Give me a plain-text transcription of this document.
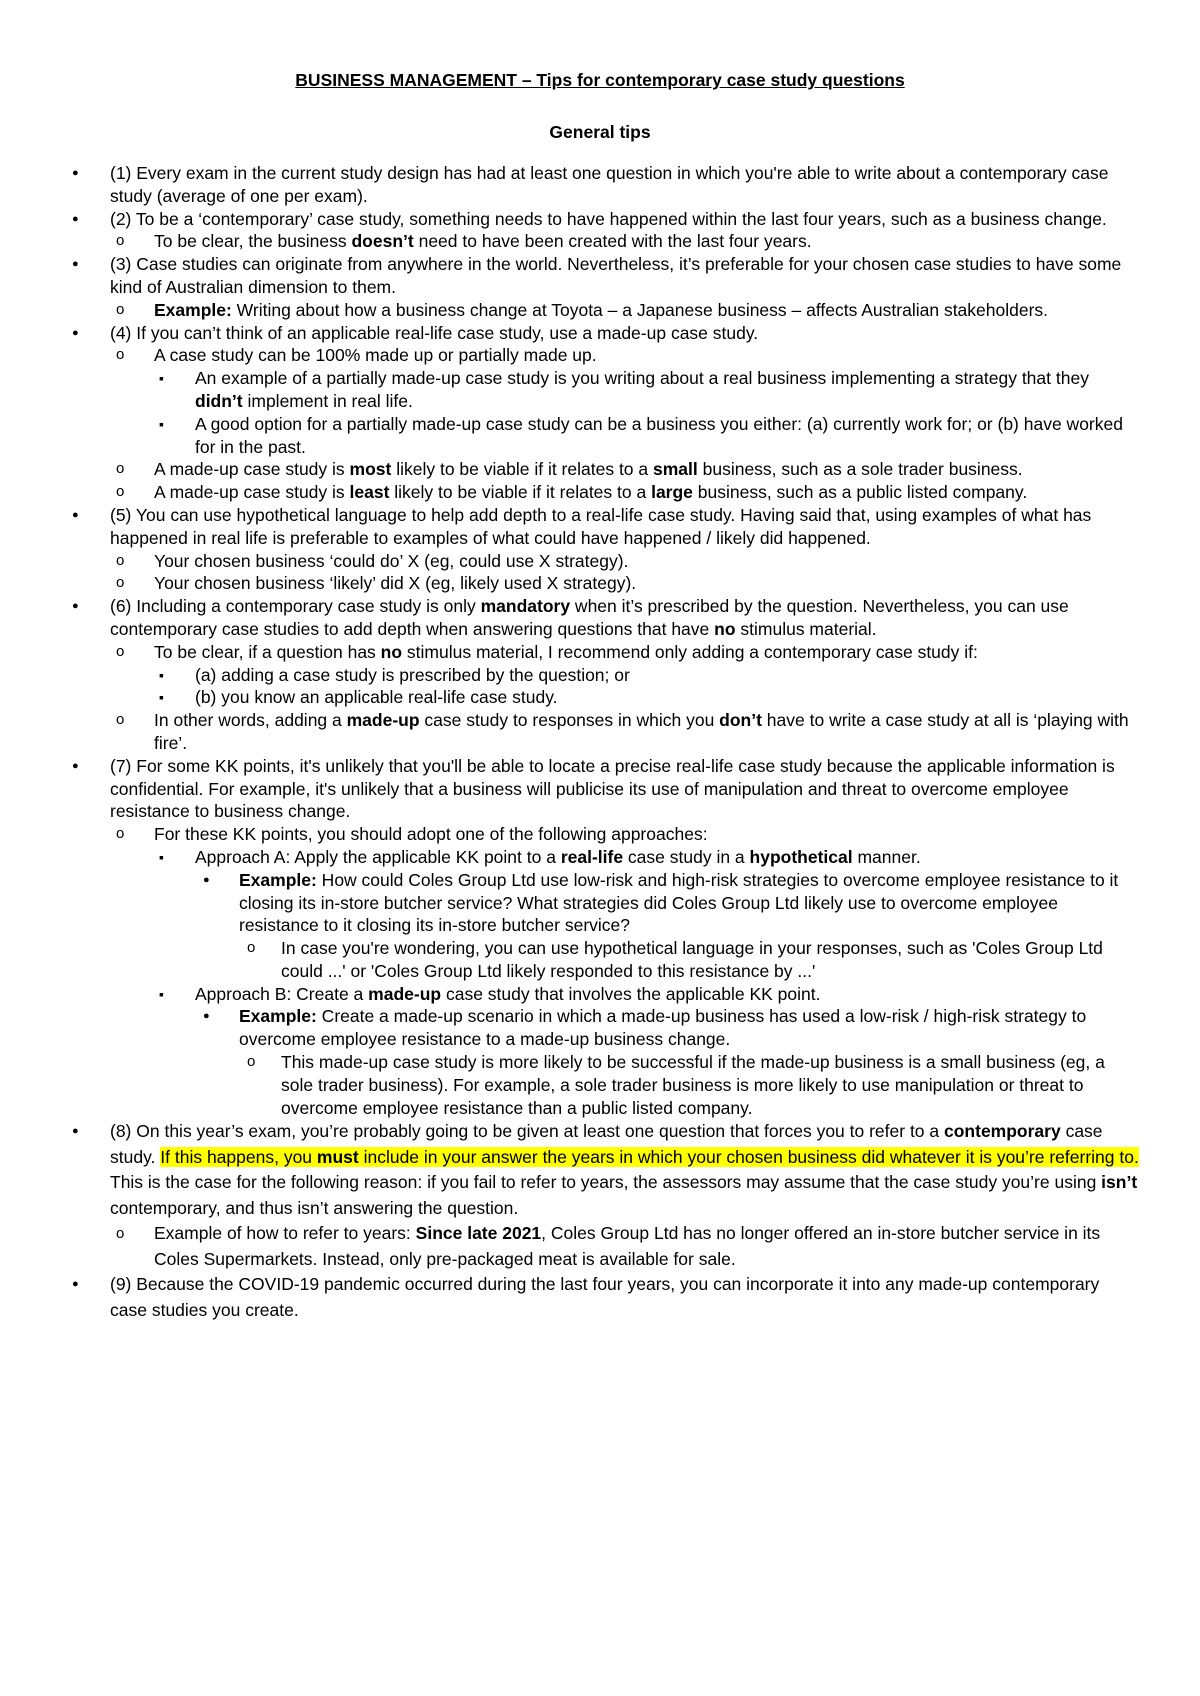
BUSINESS MANAGEMENT – Tips for contemporary case study questions
General tips
● (1) Every exam in the current study design has had at least one question in which you're able to write about a contemporary case study (average of one per exam).
● (2) To be a ‘contemporary’ case study, something needs to have happened within the last four years, such as a business change.
o To be clear, the business doesn’t need to have been created with the last four years.
● (3) Case studies can originate from anywhere in the world. Nevertheless, it’s preferable for your chosen case studies to have some kind of Australian dimension to them.
o Example: Writing about how a business change at Toyota – a Japanese business – affects Australian stakeholders.
● (4) If you can’t think of an applicable real-life case study, use a made-up case study.
o A case study can be 100% made up or partially made up.
▪ An example of a partially made-up case study is you writing about a real business implementing a strategy that they didn’t implement in real life.
▪ A good option for a partially made-up case study can be a business you either: (a) currently work for; or (b) have worked for in the past.
o A made-up case study is most likely to be viable if it relates to a small business, such as a sole trader business.
o A made-up case study is least likely to be viable if it relates to a large business, such as a public listed company.
● (5) You can use hypothetical language to help add depth to a real-life case study. Having said that, using examples of what has happened in real life is preferable to examples of what could have happened / likely did happened.
o Your chosen business ‘could do’ X (eg, could use X strategy).
o Your chosen business ‘likely’ did X (eg, likely used X strategy).
● (6) Including a contemporary case study is only mandatory when it’s prescribed by the question. Nevertheless, you can use contemporary case studies to add depth when answering questions that have no stimulus material.
o To be clear, if a question has no stimulus material, I recommend only adding a contemporary case study if:
▪ (a) adding a case study is prescribed by the question; or
▪ (b) you know an applicable real-life case study.
o In other words, adding a made-up case study to responses in which you don’t have to write a case study at all is ‘playing with fire’.
● (7) For some KK points, it's unlikely that you'll be able to locate a precise real-life case study because the applicable information is confidential. For example, it's unlikely that a business will publicise its use of manipulation and threat to overcome employee resistance to business change.
o For these KK points, you should adopt one of the following approaches:
▪ Approach A: Apply the applicable KK point to a real-life case study in a hypothetical manner.
● Example: How could Coles Group Ltd use low-risk and high-risk strategies to overcome employee resistance to it closing its in-store butcher service? What strategies did Coles Group Ltd likely use to overcome employee resistance to it closing its in-store butcher service?
o In case you're wondering, you can use hypothetical language in your responses, such as 'Coles Group Ltd could ...' or 'Coles Group Ltd likely responded to this resistance by ...'
▪ Approach B: Create a made-up case study that involves the applicable KK point.
● Example: Create a made-up scenario in which a made-up business has used a low-risk / high-risk strategy to overcome employee resistance to a made-up business change.
o This made-up case study is more likely to be successful if the made-up business is a small business (eg, a sole trader business). For example, a sole trader business is more likely to use manipulation or threat to overcome employee resistance than a public listed company.
● (8) On this year’s exam, you’re probably going to be given at least one question that forces you to refer to a contemporary case study. If this happens, you must include in your answer the years in which your chosen business did whatever it is you’re referring to. This is the case for the following reason: if you fail to refer to years, the assessors may assume that the case study you’re using isn’t contemporary, and thus isn’t answering the question.
o Example of how to refer to years: Since late 2021, Coles Group Ltd has no longer offered an in-store butcher service in its Coles Supermarkets. Instead, only pre-packaged meat is available for sale.
● (9) Because the COVID-19 pandemic occurred during the last four years, you can incorporate it into any made-up contemporary case studies you create.
